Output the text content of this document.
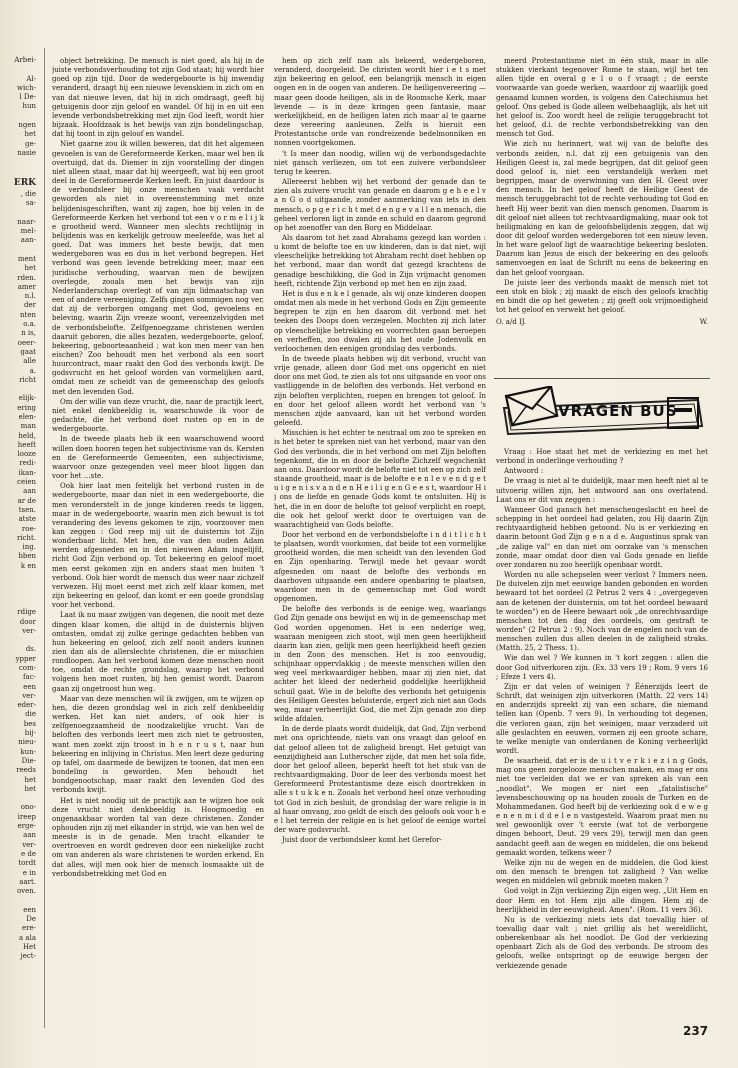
Arbei-

Al-
wich-
l De-
hun

ngen
het
ge-
nasie

ERK
, die
sa-

naar-
mel-
aan-

ment
het
rden.
amer
n.l.
der
nten
o.a.
n is,
oeer-
gaat
alle
a.
richt

elijk-
ering
elen-
man
held,
heeft
looze
redi-
ikan-
ceien
aan
ar de
tsen.
atste
roe-
richt.
ing.
bben
k en

rdige
door
ver-

ds.
ypper
com-
fac-
een
ver-
eder-
die
bes
bij-
nieu-
kun-
Die-
reeds
het
het

ono-
ireep
erge-
aan
ver-
e de
tordt
e in
aart.
oven.

een
De
ere-
a ala
Het
ject-

object betrekking. De mensch is niet goed, als hij in de juiste verbondsverhouding tot zijn God staat; hij wordt hier goed op zijn tijd. Door de wedergeboorte is hij inwendig veranderd, draagt hij een nieuwe levenskiem in zich om en van dat nieuwe leven, dat hij in zich omdraagt, geeft hij getuigenis door zijn geloof en wandel. Of hij in en uit een levende verbondsbetrekking met zijn God leeft, wordt hier bijzaak. Hoofdzaak is het bewijs van zijn bondelingschap, dat hij toont in zijn geloof en wandel.

Niet gaarne zou ik willen beweren, dat dit het algemeen gevoelen is van de Gereformeerde Kerken, maar wel ben ik overtuigd, dat ds. Diemer in zijn voorstelling der dingen niet alleen staat, maar dat hij weergeeft, wat bij een groot deel in de Gereformeerde Kerken leeft. En juist daardoor is de verbondsleer bij onze menschen vaak verdacht geworden als niet in overeenstemming met onze belijdenisgeschriften, want zij zagen, hoe bij velen in de Gereformeerde Kerken het verbond tot een v o r m e l i j k e grootheid werd. Wanneer men slechts rechtlijnig in belijdenis was en kerkelijk getrouw meeleefde, was het al goed. Dat was immers het beste bewijs, dat men wedergeboren was en dus in het verbond begrepen. Het verbond was geen levende betrekking meer, maar een juridische verhouding, waarvan men de bewijzen overlegde, zooals men het bewijs van zijn Nederlanderschap overlegt of van zijn lidmaatschap van een of andere vereeniging. Zelfs gingen sommigen nog ver, dat zij de verborgen omgang met God, gevoelens en beleving, waarin Zijn vreeze woont, vereenzelvigden met de verbondsbelofte. Zelfgenoegzame christenen werden daaruit geboren, die alles bezaten, wedergeboorte, geloof, bekeering, geboorteaanheid ; wat kon men meer van hen eischen? Zoo behoudt men het verbond als een soort huurcontract, maar raakt den God des verbonds kwijt. De godsvrucht en het geloof worden van vormelijken aard, omdat men ze scheidt van de gemeenschap des geloofs met den levenden God.

Om der wille van deze vrucht, die, naar de practijk leert, niet enkel denkbeeldig is, waarschuwde ik voor de gedachte, die het verbond doet rusten op en in de wedergeboorte.

In de tweede plaats heb ik een waarschuwend woord willen doen hooren tegen het subjectivisme van ds. Kersten en de Gereformeerde Gemeenten, een subjectivisme, waarvoor onze gezegenden veel meer bloot liggen dan voor het …ste.

Ook hier laat men feitelijk het verbond rusten in de wedergeboorte, maar dan niet in een wedergeboorte, die men veronderstelt in de jonge kinderen reeds te liggen, maar in de wedergeboorte, waarin men zich bewust is tot verandering des levens gekomen te zijn, voorzoover men kan zeggen : God reep mij uit de duisternis tot Zijn wonderbaar licht. Met hen, die van den ouden Adam werden afgesneden en in den nieuwen Adam ingelijfd, richt God Zijn verbond op. Tot bekeering en geloof moet men eerst gekomen zijn en anders staat men buiten 't verbond. Ook hier wordt de mensch dus weer naar zichzelf verwezen. Hij moet eerst met zich zelf klaar komen, met zijn bekeering en geloof, dan komt er een goede grondslag voor het verbond.

Laat ik nu maar zwijgen van degenen, die nooit met deze dingen klaar komen, die altijd in de duisternis blijven omtasten, omdat zij zulke geringe gedachten hebben van hun bekeering en geloof, zich zelf nooit anders kunnen zien dan als de allerslechte christenen, die er misschien rondloopen. Aan het verbond komen deze menschen nooit toe, omdat de rechte grondslag, waarop het verbond volgens hen moet rusten, bij hen gemist wordt. Daarom gaan zij ongetroost hun weg.

Maar van deze menschen wil ik zwijgen, om te wijzen op hen, die dezen grondslag wel in zich zelf denkbeeldig werken. Het kan niet anders, of ook hier is zelfgenoegzaamheid de noodzakelijke vrucht. Van de beloften des verbonds leert men zich niet te getroosten, want men zoekt zijn troost in h e n r u s t, naar hun bekeering en inlijving in Christus. Men leert deze geduring op tafel, om daarmede de bewijzen te toonen, dat men een bondeling is geworden. Men behoudt het bondgenootschap, maar raakt den levenden God des verbonds kwijt.

Het is niet noodig uit de practijk aan te wijzen hoe ook deze vrucht niet denkbeeldig is. Hoogmoedig en ongenaakbaar worden tal van deze christenen. Zonder ophouden zijn zij met elkander in strijd, wie van hen wel de meeste is in de genade. Men tracht elkander te overtroeven en wordt gedreven door een niekelijke zucht om van anderen als ware christenen te worden erkend. En dat alles, wijl men ook hier de mensch losmaakte uit de verbondsbetrekking met God en

hem op zich zelf nam als bekeerd, wedergeboren, veranderd, doorgeleid. De christen wordt hier i e t s met zijn bekeering en geloof, een belangrijk mensch in eigen oogen en in de oogen van anderen. De heiligenvereering — maar geen doode heiligen, als in de Roomsche Kerk, maar levende — is in deze kringen geen fantasie, maar werkelijkheid, en de heiligen laten zich maar al te gaarne deze vereering aanleunen. Zelfs is hieruit een Protestantsche orde van rondreizende bedelmonniken en nonnen voortgekomen.

't Is meer dan noodig, willen wij de verbondsgedachte niet gansch verliezen, om tot een zuivere verbondsleer terug te keeren.

Allereerst hebben wij het verbond der genade dan te zien als zuivere vrucht van genade en daarom g e h e e l v a n G o d uitgaande, zonder aanmerking van iets in den mensch, o p g e r i c h t met d e n g e v a l l e n mensch, die geheel verloren ligt in zonde en schuld en daarom gegrond op het zoenoffer van den Borg en Middelaar.

Als daarom tot het zaad Abrahams gezegd kan worden : u komt de belofte toe en uw kinderen, dan is dat niet, wijl vleeschelijke betrekking tot Abraham recht doet hebben op het verbond, maar dan wordt dat gezegd krachtens de genadige beschikking, die God in Zijn vrijmacht genomen heeft, richtende Zijn verbond op met hen en zijn zaad.

Het is dus e n k e l genade, als wij onze kinderen doopen omdat men als mede in het verbond Gods en Zijn gemeente begrepen te zijn en hen daarom dit verbond met het teeken des Doops doen verzegelen. Mochten zij zich later op vleeschelijke betrekking en voorrechten gaan beroepen en verheffen, zoo dwalen zij als het oude Jodenvolk en verloochenen den eenigen grondslag des verbonds.

In de tweede plaats hebben wij dit verbond, vrucht van vrije genade, alleen door God met ons opgericht en niet door ons met God, te zien als tot ons uitgaande en voor ons vastliggende in de beloften des verbonds. Het verbond en zijn beloften verplichten, roepen en brengen tot geloof. In en door het geloof alleen wordt het verbond van 's menschen zijde aanvaard, kan uit het verbond worden geleefd.

Misschien is het echter te neutraal om zoo te spreken en is het beter te spreken niet van het verbond, maar van den God des verbonds, die in het verbond om met Zijn beloften tegenkomt, die in en door de belofte Zichzelf wegschenkt aan ons. Daardoor wordt de belofte niet tot een op zich zelf staande grootheid, maar is de belofte e e n l e v e n d g e t u i g e n i s v a n d e n H e i l i g e n G e e s t, waardoor H i j ons de liefde en genade Gods komt te ontsluiten. Hij is het, die in en door de belofte tot geloof verplicht en roept, die ook het geloof werkt door te overtuigen van de waarachtigheid van Gods belofte.

Door het verbond en de verbondsbelofte i n d i t l i c h t te plaatsen, wordt voorkomen, dat beide tot een vormelijke grootheid worden, die men scheidt van den levenden God en Zijn openbaring. Terwijl mede het gevaar wordt afgesneden om naast de belofte des verbonds en daarboven uitgaande een andere openbaring te plaatsen, waardoor men in de gemeenschap met God wordt opgenomen.

De belofte des verbonds is de eenige weg, waarlangs God Zijn genade ons bewijst en wij in de gemeenschap met God worden opgenomen. Het is een nederige weg, waaraan menigeen zich stoot, wijl men geen heerlijkheid daarin kan zien, gelijk men geen heerlijkheid heeft gezien in den Zoon des menschen. Het is zoo eenvoudig, schijnbaar oppervlakkig ; de meeste menschen willen den weg veel merkwaardiger hebben, maar zij zien niet, dat achter het kleed der nederheid goddelijke heerlijkheid schuil gaat. Wie in de belofte des verbonds het getuigenis des Heiligen Geestes beluisterde, ergert zich niet aan Gods weg, maar verheerlijkt God, die met Zijn genade zoo diep wilde afdalen.

In de derde plaats wordt duidelijk, dat God, Zijn verbond met ons oprichtende, niets van ons vraagt dan geloof en dat geloof alleen tot de zaligheid brengt. Het getuigt van eenzijdigheid aan Lutherscher zijde, dat men het sola fide, door het geloof alleen, beperkt heeft tot het stuk van de rechtvaardigmaking. Door de leer des verbonds moest het Gereformeerd Protestantisme deze eisch doortrekken in alle s t u k k e n. Zooals het verbond heel onze verhouding tot God in zich besluit, de grondslag der ware religie is in al haar omvang, zoo geldt de eisch des geloofs ook voor h e e l het terrein der religie en is het geloof de eenige wortel der ware godsvrucht.

Juist door de verbondsleer komt het Gerefor-

meerd Protestantisme niet in één stuk, maar in alle stukken vierkant tegenover Rome te staan, wijl het ten allen tijde en overal g e l o o f vraagt ; de eerste voorwaarde van goede werken, waardoor zij waarlijk goed genaamd kunnen worden, is volgens den Catechismus het geloof. Ons gebed is Gode alleen welbehaaglijk, als het uit het geloof is. Zoo wordt heel de religie teruggebracht tot het geloof, d.i. de rechte verbondsbetrekking van den mensch tot God.

Wie zich nu herinnert, wat wij van de belofte des verbonds zeiden, n.l. dat zij een getuigenis van den Heiligen Geest is, zal mede begrijpen, dat dit geloof geen dood geloof is, niet een verstandelijk werken met begrippen, maar de overwinning van den H. Geest over den mensch. In het geloof heeft de Heilige Geest de mensch teruggebracht tot de rechte verhouding tot God en heeft Hij weer bezit van dien mensch genomen. Daarom is dit geloof niet alleen tot rechtvaardigmaking, maar ook tot heiligmaking en kan de geloofsbelijdenis zeggen, dat wij door dit geloof worden wedergeboren tot een nieuw leven. In het ware geloof ligt de waarachtige bekeering besloten. Daarom kan Jezus de eisch der bekeering en des geloofs samenvoegen en laat de Schrift nu eens de bekeering en dan het geloof voorgaan.

De juiste leer des verbonds maakt de mensch niet tot een stok en blok ; zij maakt de eisch des geloofs krachtig en bindt die op het geweten ; zij geeft ook vrijmoedigheid tot het geloof en verwekt het geloof.

O. a/d IJ.	W.
VRAGEN BUS

Vraag : Hoe staat het met de verkiezing en met het verbond in onderlinge verhouding ?

Antwoord :

De vraag is niet al te duidelijk, maar men heeft niet al te uitvoerig willen zijn, het antwoord aan ons overlatend. Laat ons er dit van zeggen :

Wanneer God gansch het menschengeslacht en heel de schepping in het oordeel had gelaten, zou Hij daarin Zijn rechtvaardigheid hebben getoond. Nu is er verkiezing en daarin betoont God Zijn g e n a d e. Augustinus sprak van „de zalige val" en dan niet om oorzake van 's menschen zonde, maar omdat door dien val Gods genade en liefde over zondaren nu zoo heerlijk openbaar wordt.

Worden nu alle schepselen weer verlost ? Immers neen. De duivelen zijn met eeuwige banden gebonden en worden bewaard tot het oordeel (2 Petrus 2 vers 4 : „overgegeven aan de ketenen der duisternis, om tot het oordeel bewaard te worden") en de Heere bewaart ook „de onrechtvaardige menschen tot den dag des oordeels, om gestraft te worden" (2 Petrus 2 : 9). Noch van de engelen noch van de menschen zullen dus allen deelen in de zaligheid straks. (Matth. 25, 2 Thess. 1).

Wie dan wel ? We kunnen in 't kort zeggen : allen die door God uitverkoren zijn. (Ex. 33 vers 19 ; Rom. 9 vers 16 ; Efeze 1 vers 4).

Zijn er dat velen of weinigen ? Ëénerzijds leert de Schrift, dat weinigen zijn uitverkoren (Matth. 22 vers 14) en anderzijds spreekt zij van een schare, die niemand tellen kan (Openb. 7 vers 9). In verhouding tot degenen, die verloren gaan, zijn het weinigen, maar verzaderd uit alle geslachten en eeuwen, vormen zij een groote schare, te welke menigte van onderdanen de Koning verheerlijkt wordt.

De waarheid, dat er is de u i t v e r k i e z i n g Gods, mag ons geen zorgelooze menschen maken, en mag er ons niet toe verleiden dat we er van spreken als van een „noodlot". We mogen er niet een „fatalistische" levensbeschouwing op na houden zooals de Turken en de Mohammedanen. God heeft bij de verkiezing ook d e w e g e n e n m i d d e l e n vastgesteld. Waarom praat men nu wel gewoonlijk over 't eerste (wat tot de verborgene dingen behoort, Deut. 29 vers 29), terwijl men dan geen aandacht geeft aan de wegen en middelen, die ons bekend gemaakt worden, telkens weer ?

Welke zijn nu de wegen en de middelen, die God kiest om den mensch te brengen tot zaligheid ? Van welke wegen en middelen wil gebruik moeten maken ?

God volgt in Zijn verkiezing Zijn eigen weg. „Uit Hem en door Hem en tot Hem zijn alle dingen. Hem zij de heerlijkheid in der eeuwigheid. Amen". (Rom. 11 vers 36).

Nu is de verkiezing niets iets dat toevallig hier of toevallig daar valt ; niet grillig als het wereldlicht, onberekenbaar als het noodlot. De God der verkiezing openbaart Zich als de God des verbonds. De stroom des geloofs, welke ontspringt op de eeuwige bergen der verkiezende genade

237
